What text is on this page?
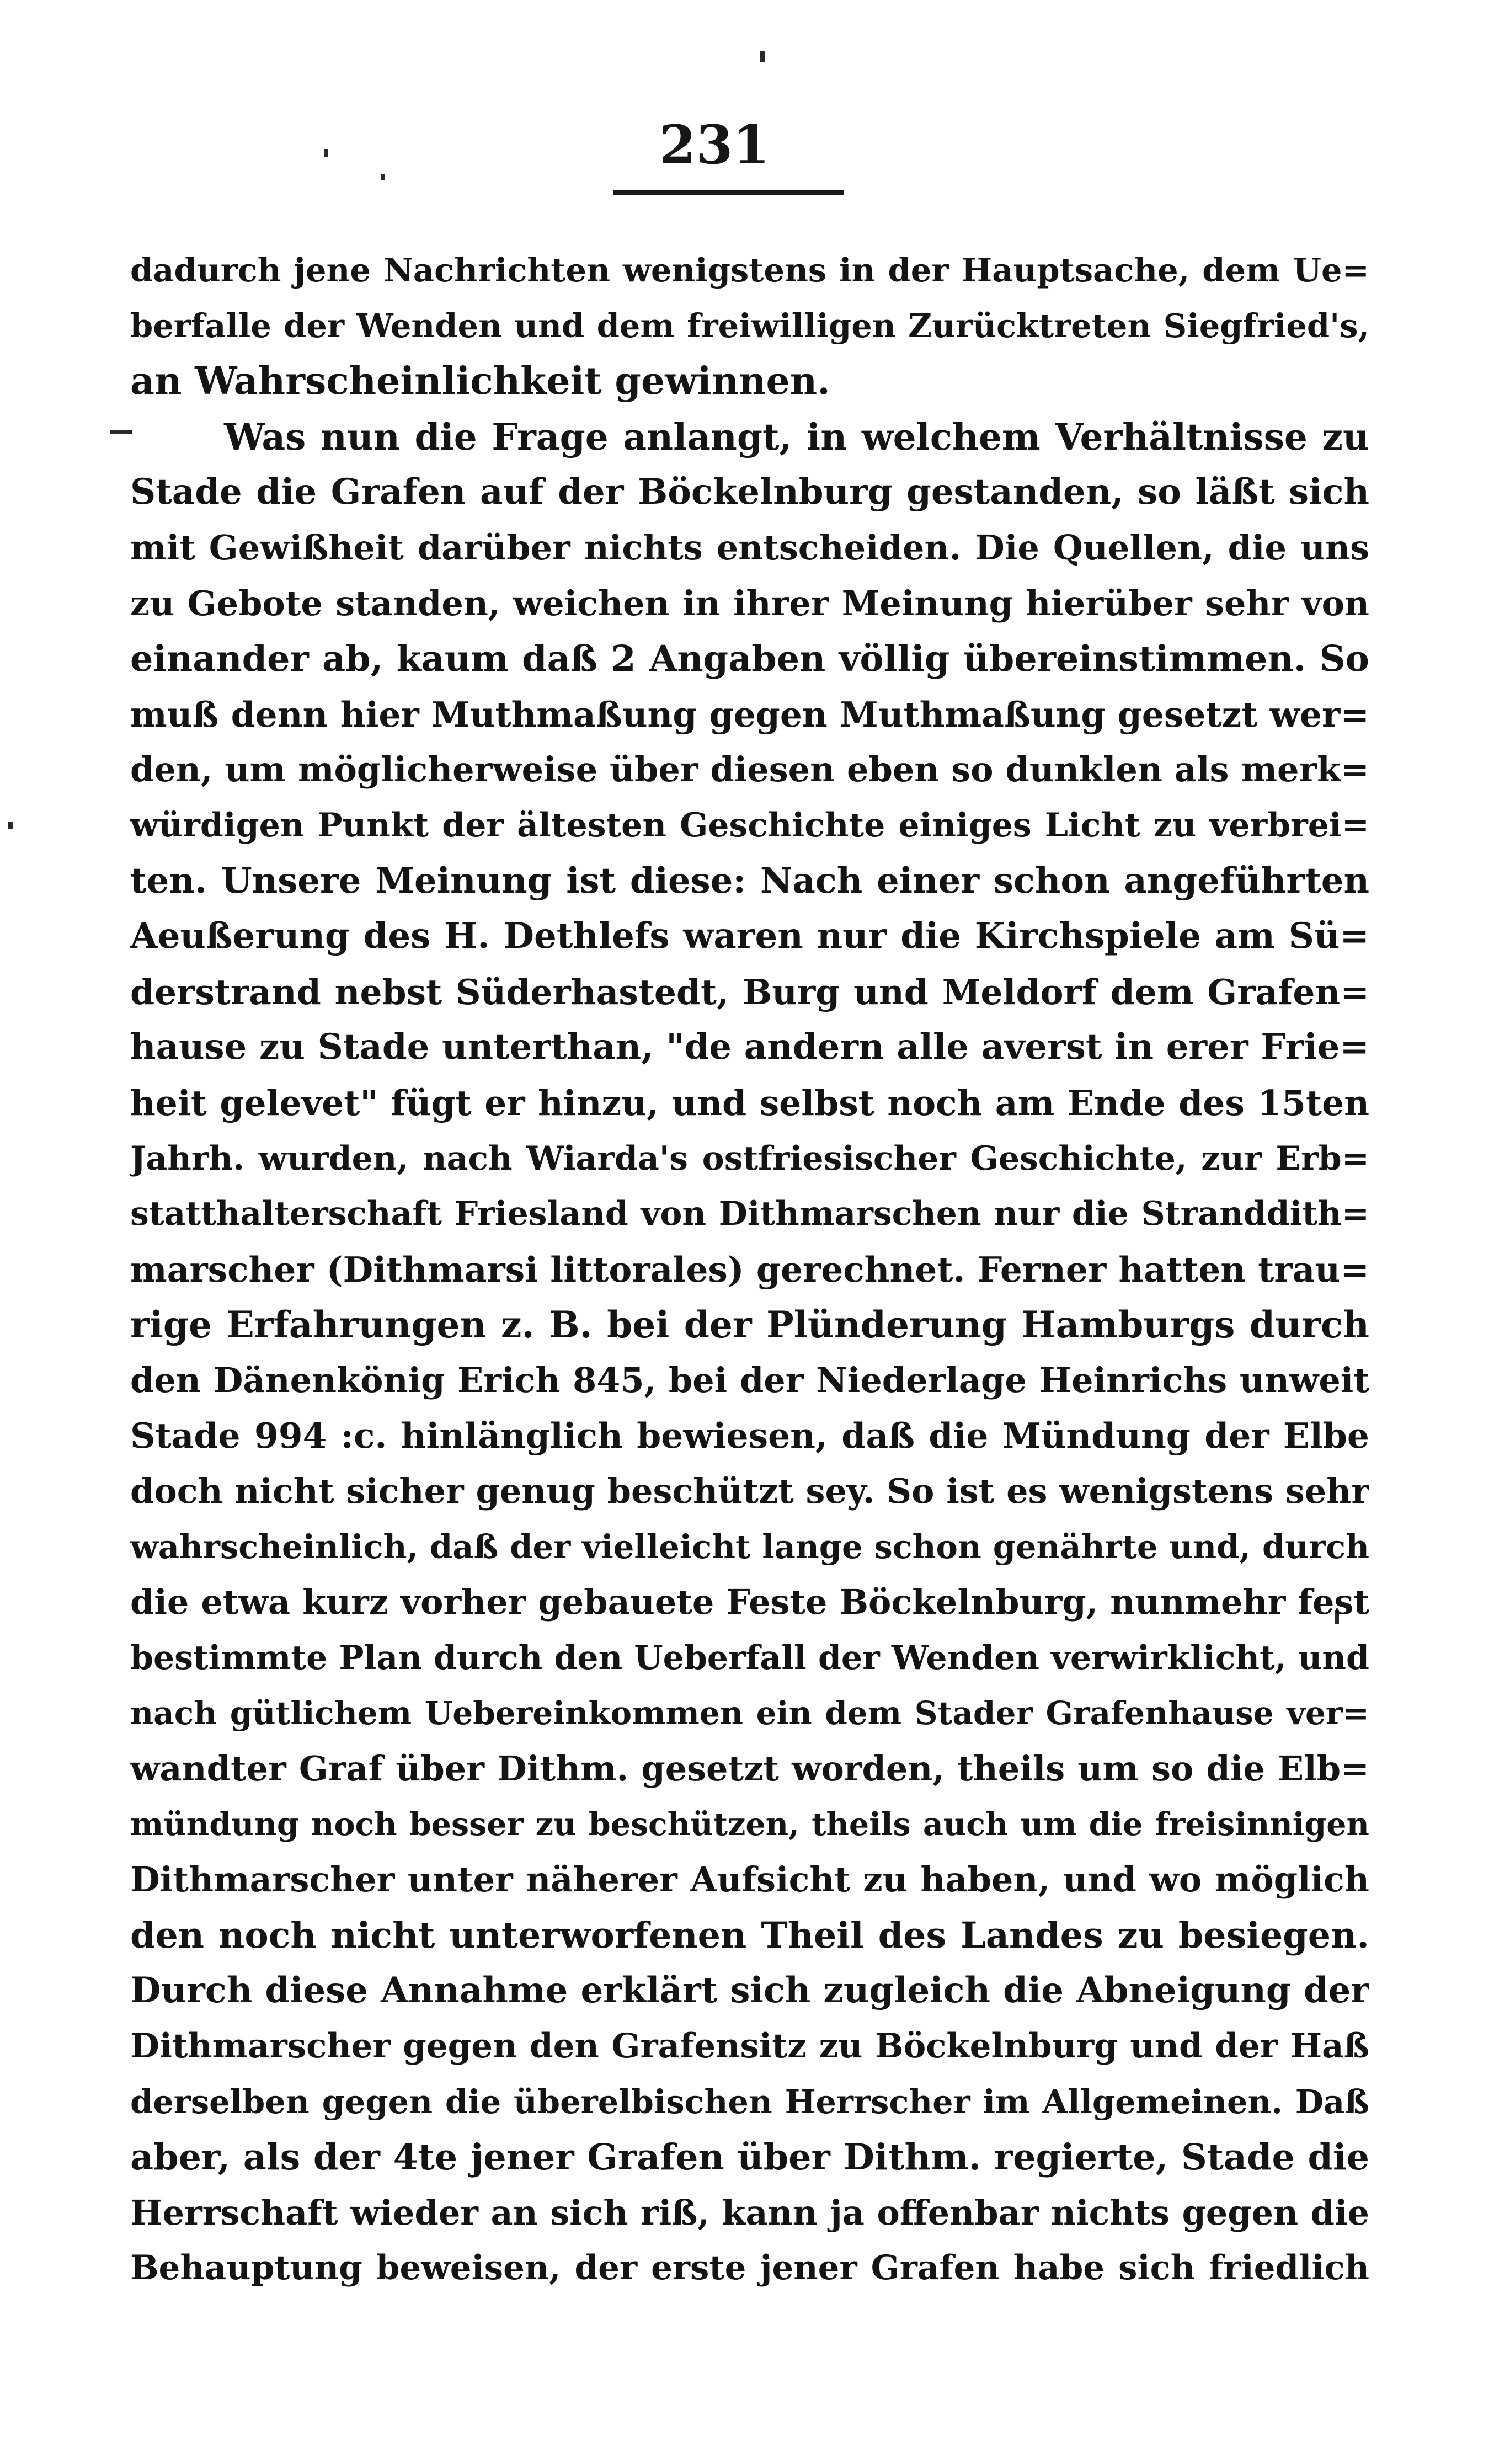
231
dadurch jene Nachrichten wenigstens in der Hauptsache, dem Ue=
berfalle der Wenden und dem freiwilligen Zurücktreten Siegfried's,
an Wahrscheinlichkeit gewinnen.
Was nun die Frage anlangt, in welchem Verhältnisse zu
Stade die Grafen auf der Böckelnburg gestanden, so läßt sich
mit Gewißheit darüber nichts entscheiden. Die Quellen, die uns
zu Gebote standen, weichen in ihrer Meinung hierüber sehr von
einander ab, kaum daß 2 Angaben völlig übereinstimmen. So
muß denn hier Muthmaßung gegen Muthmaßung gesetzt wer=
den, um möglicherweise über diesen eben so dunklen als merk=
würdigen Punkt der ältesten Geschichte einiges Licht zu verbrei=
ten. Unsere Meinung ist diese: Nach einer schon angeführten
Aeußerung des H. Dethlefs waren nur die Kirchspiele am Sü=
derstrand nebst Süderhastedt, Burg und Meldorf dem Grafen=
hause zu Stade unterthan, "de andern alle averst in erer Frie=
heit gelevet" fügt er hinzu, und selbst noch am Ende des 15ten
Jahrh. wurden, nach Wiarda's ostfriesischer Geschichte, zur Erb=
statthalterschaft Friesland von Dithmarschen nur die Stranddith=
marscher (Dithmarsi littorales) gerechnet. Ferner hatten trau=
rige Erfahrungen z. B. bei der Plünderung Hamburgs durch
den Dänenkönig Erich 845, bei der Niederlage Heinrichs unweit
Stade 994 :c. hinlänglich bewiesen, daß die Mündung der Elbe
doch nicht sicher genug beschützt sey. So ist es wenigstens sehr
wahrscheinlich, daß der vielleicht lange schon genährte und, durch
die etwa kurz vorher gebauete Feste Böckelnburg, nunmehr fest
bestimmte Plan durch den Ueberfall der Wenden verwirklicht, und
nach gütlichem Uebereinkommen ein dem Stader Grafenhause ver=
wandter Graf über Dithm. gesetzt worden, theils um so die Elb=
mündung noch besser zu beschützen, theils auch um die freisinnigen
Dithmarscher unter näherer Aufsicht zu haben, und wo möglich
den noch nicht unterworfenen Theil des Landes zu besiegen.
Durch diese Annahme erklärt sich zugleich die Abneigung der
Dithmarscher gegen den Grafensitz zu Böckelnburg und der Haß
derselben gegen die überelbischen Herrscher im Allgemeinen. Daß
aber, als der 4te jener Grafen über Dithm. regierte, Stade die
Herrschaft wieder an sich riß, kann ja offenbar nichts gegen die
Behauptung beweisen, der erste jener Grafen habe sich friedlich
